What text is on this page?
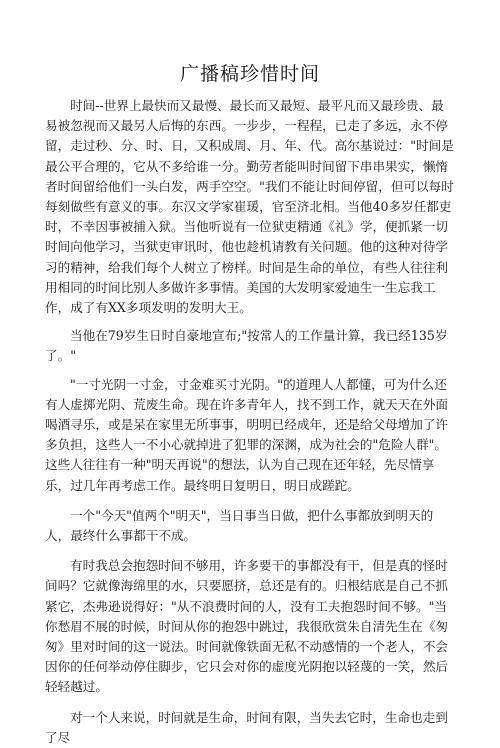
广播稿珍惜时间

时间--世界上最快而又最慢、最长而又最短、最平凡而又最珍贵、最易被忽视而又最另人后悔的东西。一步步，一程程，已走了多远，永不停留，走过秒、分、时、日，又积成周、月、年、代。高尔基说过："时间是最公平合理的，它从不多给谁一分。勤劳者能叫时间留下串串果实，懒惰者时间留给他们一头白发，两手空空。"我们不能让时间停留，但可以每时每刻做些有意义的事。东汉文学家崔瑗，官至济北相。当他40多岁任都吏时，不幸因事被捕入狱。当他听说有一位狱吏精通《礼》学，便抓紧一切时间向他学习，当狱吏审讯时，他也趁机请教有关问题。他的这种对待学习的精神，给我们每个人树立了榜样。时间是生命的单位，有些人往往利用相同的时间比别人多做许多事情。美国的大发明家爱迪生一生忘我工作，成了有XX多项发明的发明大王。

当他在79岁生日时自豪地宣布;"按常人的工作量计算，我已经135岁了。"

"一寸光阴一寸金，寸金难买寸光阴。"的道理人人都懂，可为什么还有人虚掷光阴、荒废生命。现在许多青年人，找不到工作，就天天在外面喝酒寻乐，或是呆在家里无所事事，明明已经成年，还是给父母增加了许多负担，这些人一不小心就掉进了犯罪的深渊，成为社会的"危险人群"。这些人往往有一种"明天再说"的想法，认为自己现在还年轻，先尽情享乐，过几年再考虑工作。最终明日复明日，明日成蹉跎。

一个"今天"值两个"明天"，当日事当日做，把什么事都放到明天的人，最终什么事都干不成。

有时我总会抱怨时间不够用，许多要干的事都没有干，但是真的怪时间吗？它就像海绵里的水，只要愿挤，总还是有的。归根结底是自己不抓紧它，杰弗逊说得好："从不浪费时间的人，没有工夫抱怨时间不够。"当你愁眉不展的时候，时间从你的抱怨中跳过，我很欣赏朱自清先生在《匆匆》里对时间的这一说法。时间就像铁面无私不动感情的一个老人，不会因你的任何举动停住脚步，它只会对你的虚度光阴抱以轻蔑的一笑，然后轻轻越过。

对一个人来说，时间就是生命，时间有限，当失去它时，生命也走到了尽
